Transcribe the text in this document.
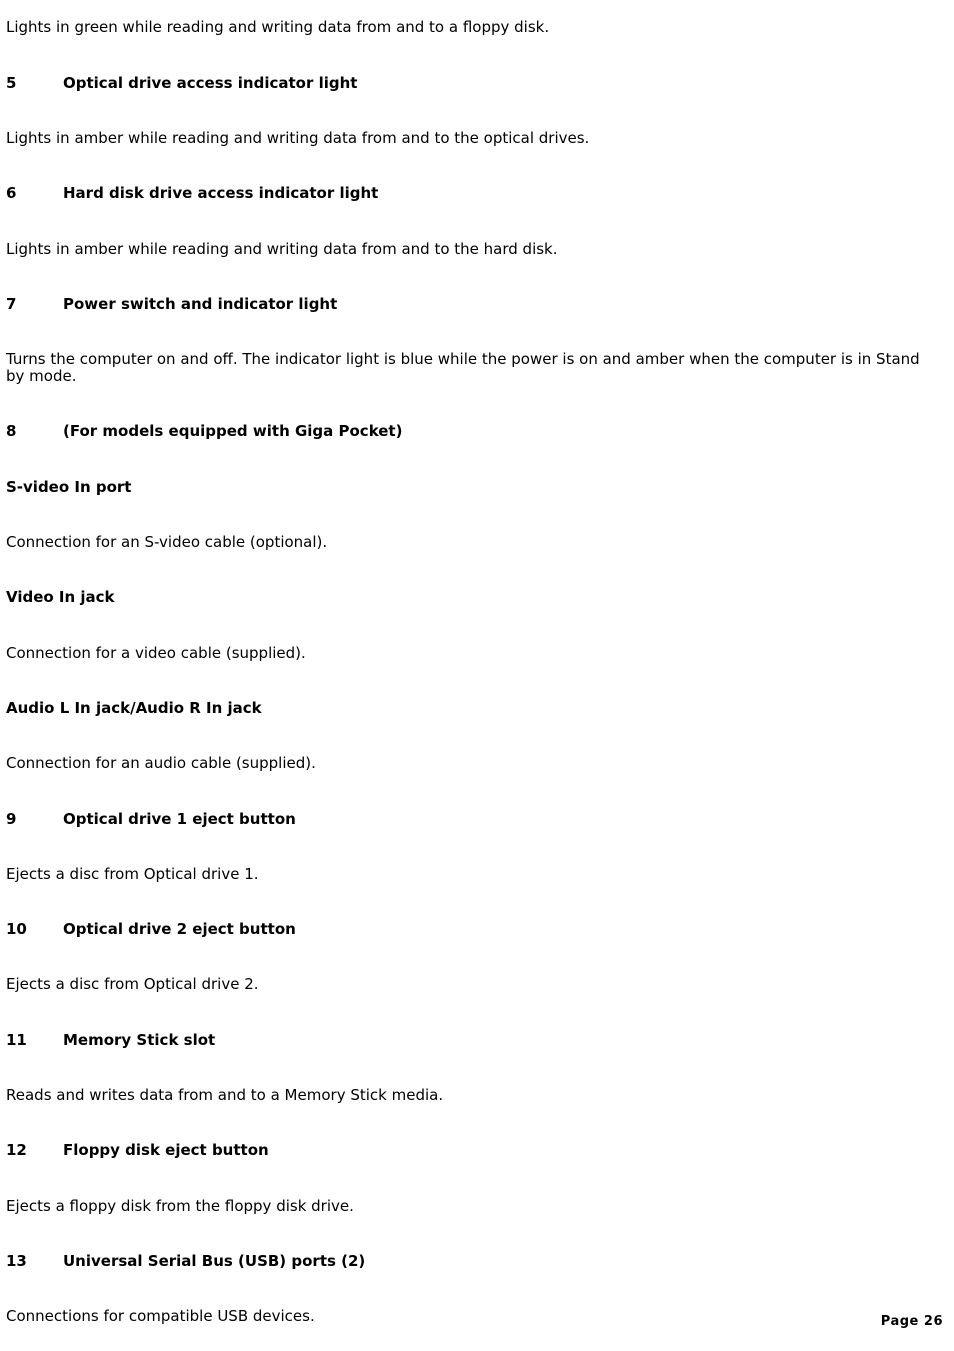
Lights in green while reading and writing data from and to a floppy disk.
5	Optical drive access indicator light
Lights in amber while reading and writing data from and to the optical drives.
6	Hard disk drive access indicator light
Lights in amber while reading and writing data from and to the hard disk.
7	Power switch and indicator light
Turns the computer on and off. The indicator light is blue while the power is on and amber when the computer is in Stand by mode.
8	(For models equipped with Giga Pocket)
S-video In port
Connection for an S-video cable (optional).
Video In jack
Connection for a video cable (supplied).
Audio L In jack/Audio R In jack
Connection for an audio cable (supplied).
9	Optical drive 1 eject button
Ejects a disc from Optical drive 1.
10 Optical drive 2 eject button
Ejects a disc from Optical drive 2.
11 Memory Stick slot
Reads and writes data from and to a Memory Stick media.
12 Floppy disk eject button
Ejects a floppy disk from the floppy disk drive.
13 Universal Serial Bus (USB) ports (2)
Connections for compatible USB devices.	Page 26
